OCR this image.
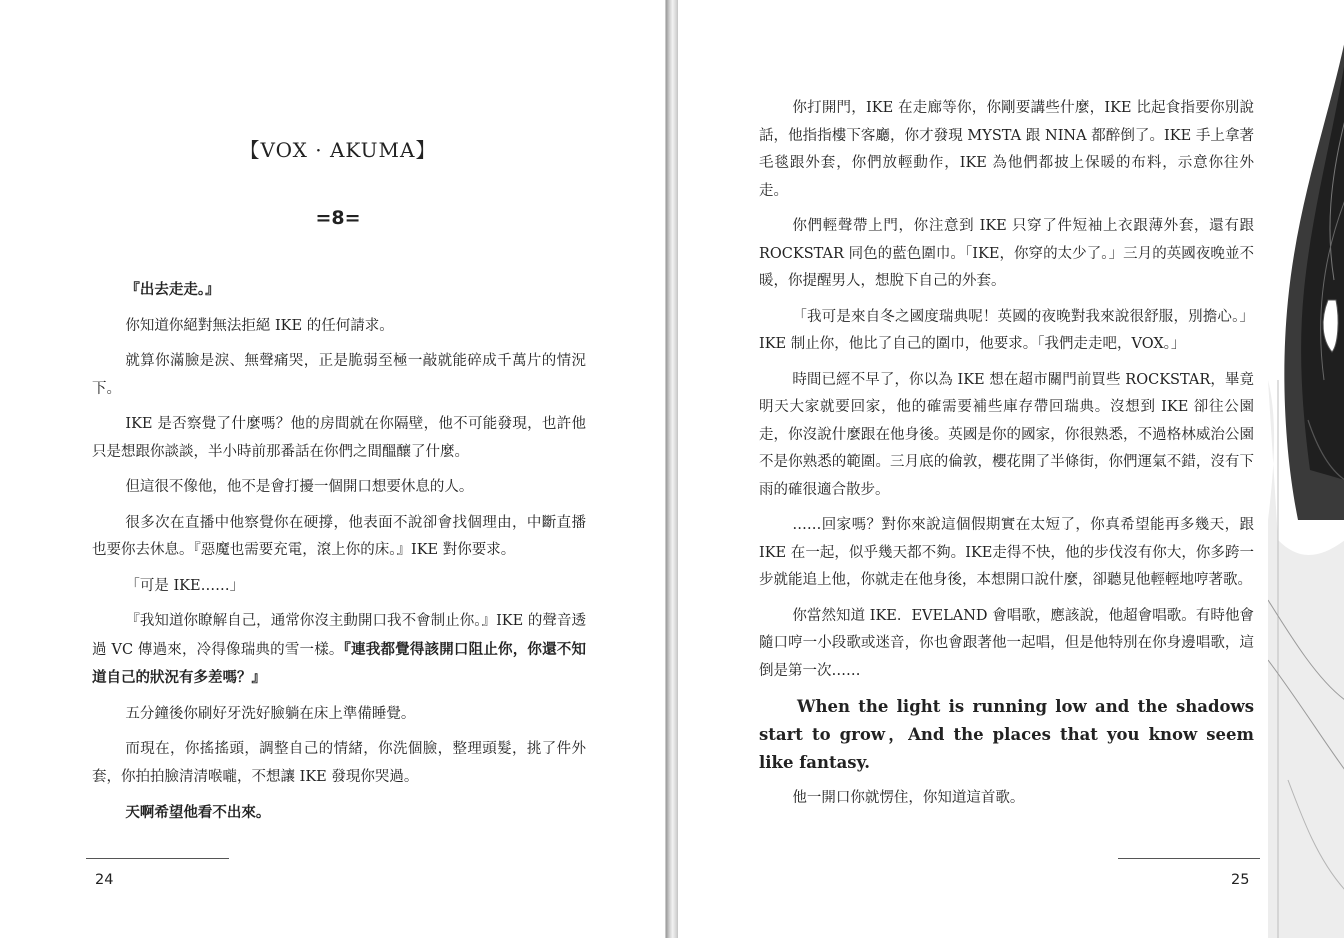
【VOX · AKUMA】
=8=

『出去走走。』

你知道你絕對無法拒絕 IKE 的任何請求。

就算你滿臉是淚、無聲痛哭，正是脆弱至極一敲就能碎成千萬片的情況下。

IKE 是否察覺了什麼嗎？他的房間就在你隔壁，他不可能發現，也許他只是想跟你談談，半小時前那番話在你們之間醞釀了什麼。

但這很不像他，他不是會打擾一個開口想要休息的人。

很多次在直播中他察覺你在硬撐，他表面不說卻會找個理由，中斷直播也要你去休息。『惡魔也需要充電，滾上你的床。』IKE 對你要求。

「可是 IKE……」

『我知道你瞭解自己，通常你沒主動開口我不會制止你。』IKE 的聲音透過 VC 傳過來，冷得像瑞典的雪一樣。『連我都覺得該開口阻止你，你還不知道自己的狀況有多差嗎？』

五分鐘後你刷好牙洗好臉躺在床上準備睡覺。

而現在，你搖搖頭，調整自己的情緒，你洗個臉，整理頭髮，挑了件外套，你拍拍臉清清喉嚨，不想讓 IKE 發現你哭過。

天啊希望他看不出來。

24

你打開門，IKE 在走廊等你，你剛要講些什麼，IKE 比起食指要你別說話，他指指樓下客廳，你才發現 MYSTA 跟 NINA 都醉倒了。IKE 手上拿著毛毯跟外套，你們放輕動作，IKE 為他們都披上保暖的布料，示意你往外走。

你們輕聲帶上門，你注意到 IKE 只穿了件短袖上衣跟薄外套，還有跟 ROCKSTAR 同色的藍色圍巾。「IKE，你穿的太少了。」三月的英國夜晚並不暖，你提醒男人，想脫下自己的外套。

「我可是來自冬之國度瑞典呢！英國的夜晚對我來說很舒服，別擔心。」IKE 制止你，他比了自己的圍巾，他要求。「我們走走吧，VOX。」

時間已經不早了，你以為 IKE 想在超市關門前買些 ROCKSTAR，畢竟明天大家就要回家，他的確需要補些庫存帶回瑞典。沒想到 IKE 卻往公園走，你沒說什麼跟在他身後。英國是你的國家，你很熟悉，不過格林威治公園不是你熟悉的範圍。三月底的倫敦，櫻花開了半條街，你們運氣不錯，沒有下雨的確很適合散步。

……回家嗎？對你來說這個假期實在太短了，你真希望能再多幾天，跟IKE 在一起，似乎幾天都不夠。IKE走得不快，他的步伐沒有你大，你多跨一步就能追上他，你就走在他身後，本想開口說什麼，卻聽見他輕輕地哼著歌。

你當然知道 IKE．EVELAND 會唱歌，應該說，他超會唱歌。有時他會隨口哼一小段歌或迷音，你也會跟著他一起唱，但是他特別在你身邊唱歌，這倒是第一次……

When the light is running low and the shadows start to grow，And the places that you know seem like fantasy.

他一開口你就愣住，你知道這首歌。

25
